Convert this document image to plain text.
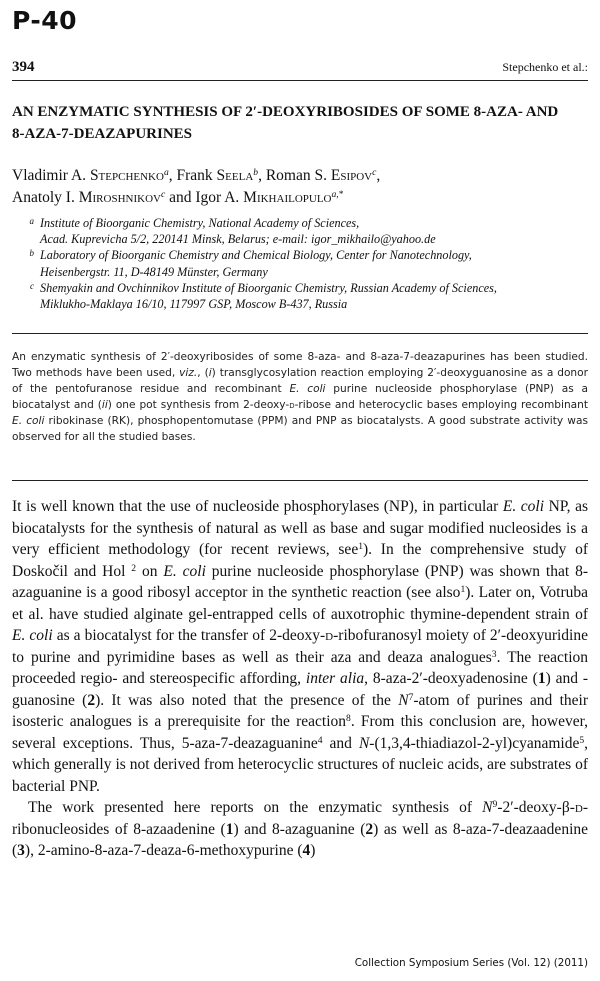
P-40
394	Stepchenko et al.:
AN ENZYMATIC SYNTHESIS OF 2′-DEOXYRIBOSIDES OF SOME 8-AZA- AND 8-AZA-7-DEAZAPURINES
Vladimir A. Stepchenko$^a$, Frank Seela$^b$, Roman S. Esipov$^c$,
Anatoly I. Miroshnikov$^c$ and Igor A. Mikhailopulo$^{a,*}$
a Institute of Bioorganic Chemistry, National Academy of Sciences,
Acad. Kuprevicha 5/2, 220141 Minsk, Belarus; e-mail: igor_mikhailo@yahoo.de
b Laboratory of Bioorganic Chemistry and Chemical Biology, Center for Nanotechnology,
Heisenbergstr. 11, D-48149 Münster, Germany
c Shemyakin and Ovchinnikov Institute of Bioorganic Chemistry, Russian Academy of Sciences,
Miklukho-Maklaya 16/10, 117997 GSP, Moscow B-437, Russia

An enzymatic synthesis of 2′-deoxyribosides of some 8-aza- and 8-aza-7-deazapurines has been studied. Two methods have been used, viz., (i) transglycosylation reaction employing 2′-deoxyguanosine as a donor of the pentofuranose residue and recombinant E. coli purine nucleoside phosphorylase (PNP) as a biocatalyst and (ii) one pot synthesis from 2-deoxy-d-ribose and heterocyclic bases employing recombinant E. coli ribokinase (RK), phosphopentomutase (PPM) and PNP as biocatalysts. A good substrate activity was observed for all the studied bases.

It is well known that the use of nucleoside phosphorylases (NP), in particular E. coli NP, as biocatalysts for the synthesis of natural as well as base and sugar modified nucleosides is a very efficient methodology (for recent reviews, see$^1$). In the comprehensive study of Doskočil and Hol $^2$ on E. coli purine nucleoside phosphorylase (PNP) was shown that 8-azaguanine is a good ribosyl acceptor in the synthetic reaction (see also$^1$). Later on, Votruba et al. have studied alginate gel-entrapped cells of auxotrophic thymine-dependent strain of E. coli as a biocatalyst for the transfer of 2-deoxy-d-ribofuranosyl moiety of 2′-deoxyuridine to purine and pyrimidine bases as well as their aza and deaza analogues$^3$. The reaction proceeded regio- and stereospecific affording, inter alia, 8-aza-2′-deoxyadenosine (1) and -guanosine (2). It was also noted that the presence of the $N^7$-atom of purines and their isosteric analogues is a prerequisite for the reaction$^8$. From this conclusion are, however, several exceptions. Thus, 5-aza-7-deazaguanine$^4$ and N-(1,3,4-thiadiazol-2-yl)cyanamide$^5$, which generally is not derived from heterocyclic structures of nucleic acids, are substrates of bacterial PNP.

The work presented here reports on the enzymatic synthesis of $N^9-2'-deoxy-\beta-d$-ribonucleosides of 8-azaadenine (1) and 8-azaguanine (2) as well as 8-aza-7-deazaadenine (3), 2-amino-8-aza-7-deaza-6-methoxypurine (4)

Collection Symposium Series (Vol. 12) (2011)
